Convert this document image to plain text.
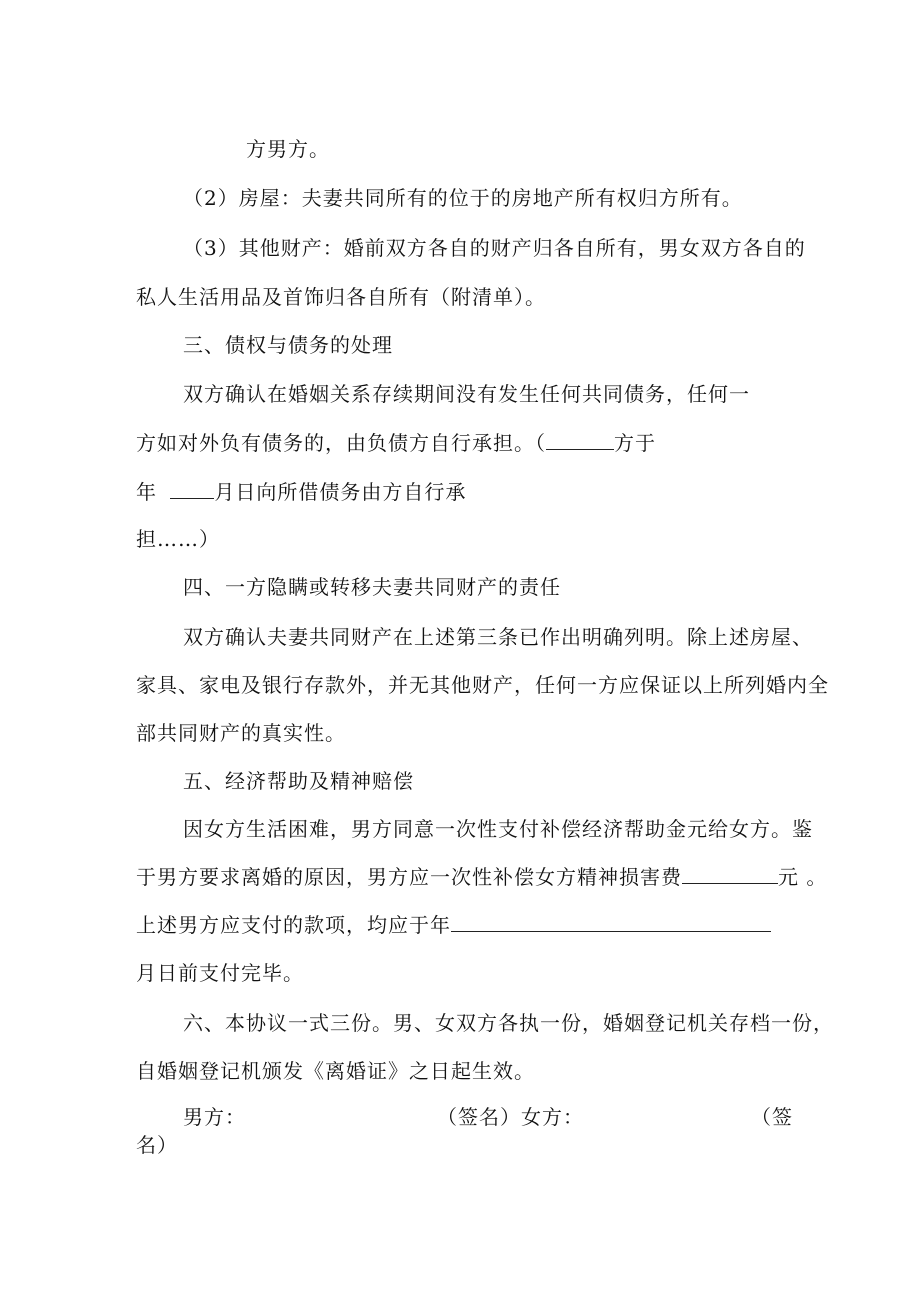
方男方。
（2）房屋：夫妻共同所有的位于的房地产所有权归方所有。
（3）其他财产：婚前双方各自的财产归各自所有，男女双方各自的
私人生活用品及首饰归各自所有（附清单）。
三、债权与债务的处理
双方确认在婚姻关系存续期间没有发生任何共同债务，任何一
方如对外负有债务的，由负债方自行承担。（	方于
年	月日向所借债务由方自行承
担……）
四、一方隐瞒或转移夫妻共同财产的责任
双方确认夫妻共同财产在上述第三条已作出明确列明。除上述房屋、
家具、家电及银行存款外，并无其他财产，任何一方应保证以上所列婚内全
部共同财产的真实性。
五、经济帮助及精神赔偿
因女方生活困难，男方同意一次性支付补偿经济帮助金元给女方。鉴
于男方要求离婚的原因，男方应一次性补偿女方精神损害费	元 。
上述男方应支付的款项，均应于年
月日前支付完毕。
六、本协议一式三份。男、女双方各执一份，婚姻登记机关存档一份，
自婚姻登记机颁发《离婚证》之日起生效。
男方：	（签名）女方：	（签
名）
